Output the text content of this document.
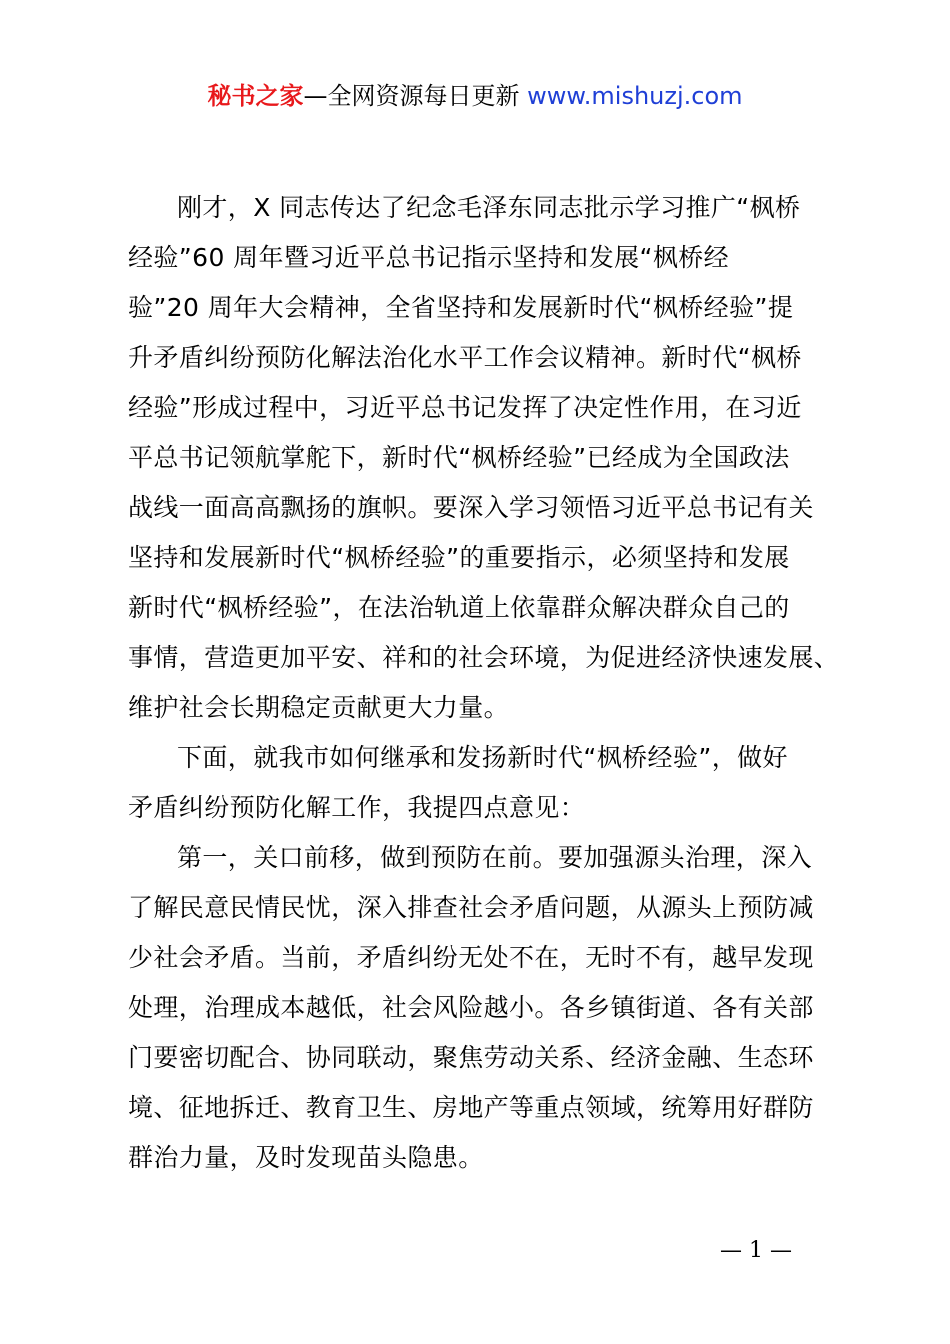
秘书之家—全网资源每日更新 www.mishuzj.com
刚才，X 同志传达了纪念毛泽东同志批示学习推广“枫桥
经验”60 周年暨习近平总书记指示坚持和发展“枫桥经
验”20 周年大会精神，全省坚持和发展新时代“枫桥经验”提
升矛盾纠纷预防化解法治化水平工作会议精神。新时代“枫桥
经验”形成过程中，习近平总书记发挥了决定性作用，在习近
平总书记领航掌舵下，新时代“枫桥经验”已经成为全国政法
战线一面高高飘扬的旗帜。要深入学习领悟习近平总书记有关
坚持和发展新时代“枫桥经验”的重要指示，必须坚持和发展
新时代“枫桥经验”，在法治轨道上依靠群众解决群众自己的
事情，营造更加平安、祥和的社会环境，为促进经济快速发展、
维护社会长期稳定贡献更大力量。
下面，就我市如何继承和发扬新时代“枫桥经验”，做好
矛盾纠纷预防化解工作，我提四点意见：
第一，关口前移，做到预防在前。要加强源头治理，深入
了解民意民情民忧，深入排查社会矛盾问题，从源头上预防减
少社会矛盾。当前，矛盾纠纷无处不在，无时不有，越早发现
处理，治理成本越低，社会风险越小。各乡镇街道、各有关部
门要密切配合、协同联动，聚焦劳动关系、经济金融、生态环
境、征地拆迁、教育卫生、房地产等重点领域，统筹用好群防
群治力量，及时发现苗头隐患。
— 1 —
